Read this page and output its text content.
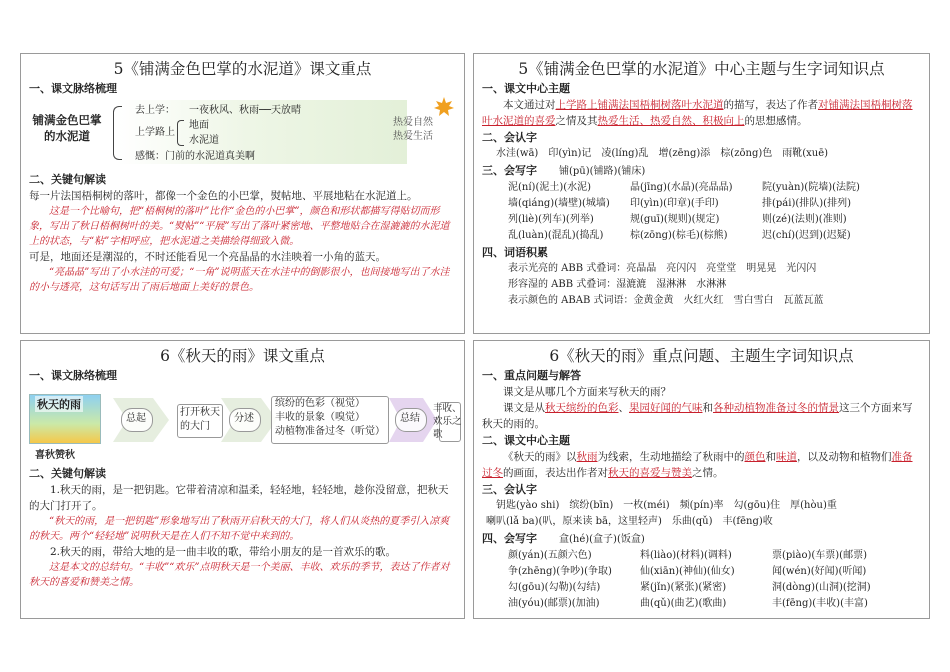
5《铺满金色巴掌的水泥道》课文重点
一、课文脉络梳理
铺满金色巴掌的水泥道
去上学： 一夜秋风、秋雨──天放晴
上学路上
地面
水泥道
感慨：门前的水泥道真美啊
热爱自然
热爱生活
二、关键句解读

每一片法国梧桐树的落叶，都像一个金色的小巴掌，熨帖地、平展地粘在水泥道上。

这是一个比喻句，把“梧桐树的落叶”比作“金色的小巴掌”，颜色和形状都描写得贴切而形象，写出了秋日梧桐树叶的美。“熨帖”“平展”写出了落叶紧密地、平整地贴合在湿漉漉的水泥道上的状态，与“粘”字相呼应，把水泥道之美描绘得细致入微。

可是，地面还是潮湿的，不时还能看见一个亮晶晶的水洼映着一小角的蓝天。

“亮晶晶”写出了小水洼的可爱；“一角”说明蓝天在水洼中的倒影很小，也间接地写出了水洼的小与透亮，这句话写出了雨后地面上美好的景色。

5《铺满金色巴掌的水泥道》中心主题与生字词知识点
一、课文中心主题

本文通过对上学路上铺满法国梧桐树落叶水泥道的描写，表达了作者对铺满法国梧桐树落叶水泥道的喜爱之情及其热爱生活、热爱自然、积极向上的思想感情。

二、会认字
水洼(wā)　 印(yìn)记　 凌(líng)乱　 增(zēng)添　 棕(zōng)色　 雨靴(xuē)
三、会写字　　 铺(pū)(铺路)(铺床)
泥(ní)(泥土)(水泥)	晶(jīng)(水晶)(亮晶晶)	院(yuàn)(院墙)(法院)
墙(qiáng)(墙壁)(城墙)	印(yìn)(印章)(手印)	排(pái)(排队)(排列)
列(liè)(列车)(列举)	规(guī)(规则)(规定)	则(zé)(法则)(准则)
乱(luàn)(混乱)(捣乱)	棕(zōng)(棕毛)(棕熊)	迟(chí)(迟到)(迟疑)
四、词语积累
表示光亮的 ABB 式叠词：亮晶晶　亮闪闪　亮堂堂　明晃晃　光闪闪
形容湿的 ABB 式叠词：湿漉漉　湿淋淋　水淋淋
表示颜色的 ABAB 式词语：金黄金黄　火红火红　雪白雪白　瓦蓝瓦蓝
6《秋天的雨》课文重点
一、课文脉络梳理
秋天的雨
喜秋赞秋
总起
打开秋天的大门
分述
缤纷的色彩（视觉）
丰收的景象（嗅觉）
动植物准备过冬（听觉）
总结
丰收、欢乐之歌
二、关键句解读

1.秋天的雨，是一把钥匙。它带着清凉和温柔，轻轻地，轻轻地，趁你没留意，把秋天的大门打开了。

“秋天的雨，是一把钥匙”形象地写出了秋雨开启秋天的大门，将人们从炎热的夏季引入凉爽的秋天。两个“轻轻地”说明秋天是在人们不知不觉中来到的。

2.秋天的雨，带给大地的是一曲丰收的歌，带给小朋友的是一首欢乐的歌。

这是本文的总结句。“丰收”“欢乐”点明秋天是一个美丽、丰收、欢乐的季节，表达了作者对秋天的喜爱和赞美之情。

6《秋天的雨》重点问题、主题生字词知识点
一、重点问题与解答

课文是从哪几个方面来写秋天的雨？

课文是从秋天缤纷的色彩、果园好闻的气味和各种动植物准备过冬的情景这三个方面来写秋天的雨的。

二、课文中心主题

《秋天的雨》以秋雨为线索，生动地描绘了秋雨中的颜色和味道，以及动物和植物们准备过冬的画面，表达出作者对秋天的喜爱与赞美之情。

三、会认字
钥匙(yào shi)　缤纷(bīn)　一枚(méi)　频(pín)率　勾(gōu)住　厚(hòu)重
喇叭(lǎ ba)(叭，原来读 bā，这里轻声)　乐曲(qǔ)　丰(fēng)收
四、会写字　　 盒(hé)(盒子)(饭盒)
颜(yán)(五颜六色)	料(liào)(材料)(调料)	票(piào)(车票)(邮票)
争(zhēng)(争吵)(争取)	仙(xiān)(神仙)(仙女)	闻(wén)(好闻)(听闻)
勾(gōu)(勾勒)(勾结)	紧(jǐn)(紧张)(紧密)	洞(dòng)(山洞)(挖洞)
油(yóu)(邮票)(加油)	曲(qǔ)(曲艺)(歌曲)	丰(fēng)(丰收)(丰富)
